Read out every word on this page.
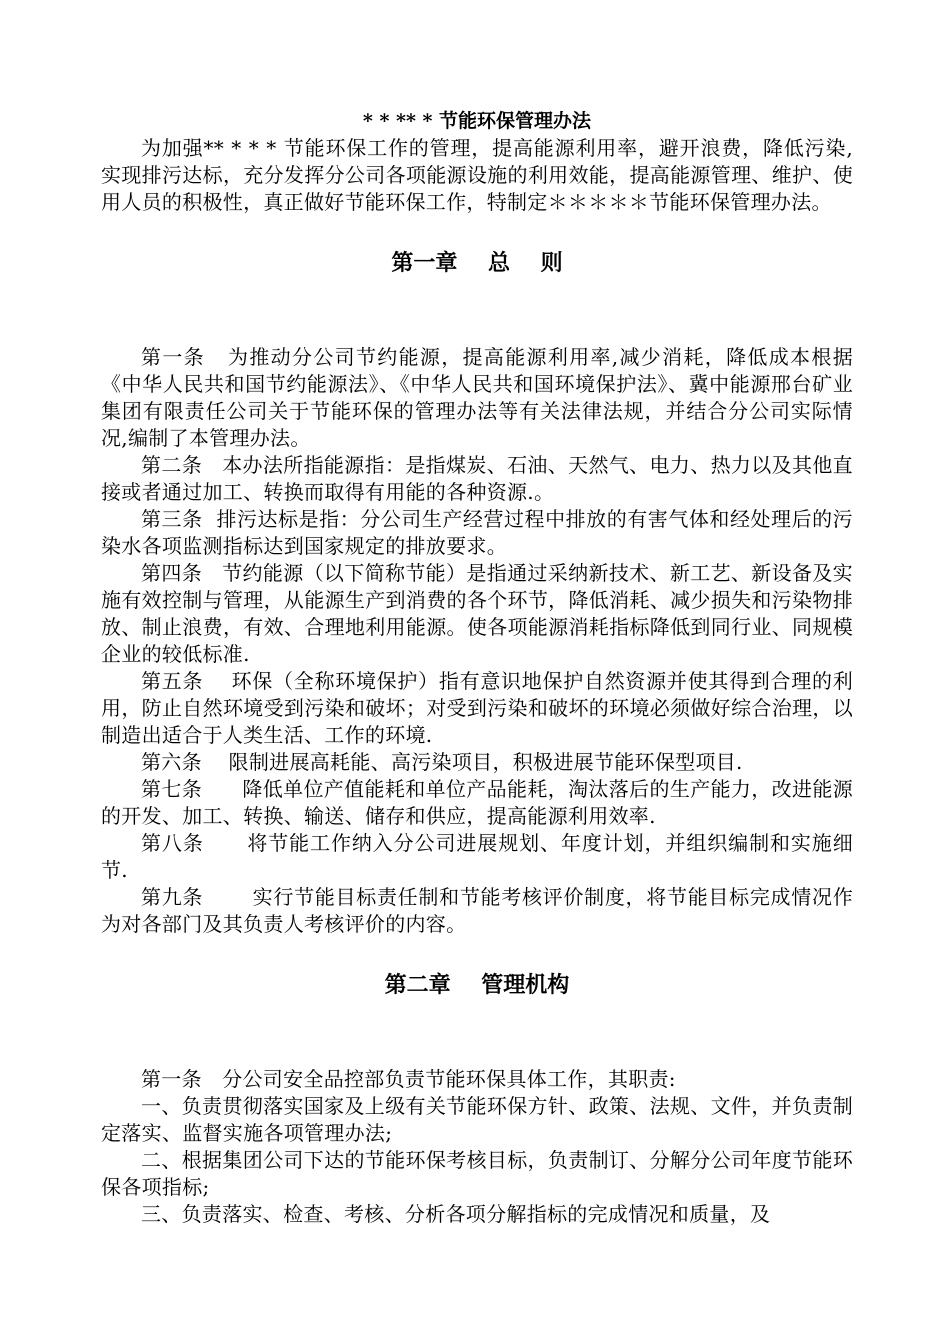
* * ** * 节能环保管理办法

为加强** * * * 节能环保工作的管理，提高能源利用率，避开浪费，降低污染,实现排污达标，充分发挥分公司各项能源设施的利用效能，提高能源管理、维护、使用人员的积极性，真正做好节能环保工作，特制定＊＊＊＊＊节能环保管理办法。

第一章    总    则

第一条 为推动分公司节约能源，提高能源利用率,减少消耗，降低成本根据《中华人民共和国节约能源法》、《中华人民共和国环境保护法》、冀中能源邢台矿业集团有限责任公司关于节能环保的管理办法等有关法律法规，并结合分公司实际情况,编制了本管理办法。

第二条 本办法所指能源指：是指煤炭、石油、天然气、电力、热力以及其他直接或者通过加工、转换而取得有用能的各种资源.。

第三条 排污达标是指：分公司生产经营过程中排放的有害气体和经处理后的污染水各项监测指标达到国家规定的排放要求。

第四条 节约能源（以下简称节能）是指通过采纳新技术、新工艺、新设备及实施有效控制与管理，从能源生产到消费的各个环节，降低消耗、减少损失和污染物排放、制止浪费，有效、合理地利用能源。使各项能源消耗指标降低到同行业、同规模企业的较低标准.

第五条 环保（全称环境保护）指有意识地保护自然资源并使其得到合理的利用，防止自然环境受到污染和破坏；对受到污染和破坏的环境必须做好综合治理，以制造出适合于人类生活、工作的环境.

第六条 限制进展高耗能、高污染项目，积极进展节能环保型项目.

第七条 降低单位产值能耗和单位产品能耗，淘汰落后的生产能力，改进能源的开发、加工、转换、输送、储存和供应，提高能源利用效率.

第八条 将节能工作纳入分公司进展规划、年度计划，并组织编制和实施细节.

第九条 实行节能目标责任制和节能考核评价制度，将节能目标完成情况作为对各部门及其负责人考核评价的内容。

第二章    管理机构

第一条　分公司安全品控部负责节能环保具体工作，其职责:

一、负责贯彻落实国家及上级有关节能环保方针、政策、法规、文件，并负责制定落实、监督实施各项管理办法;

二、根据集团公司下达的节能环保考核目标，负责制订、分解分公司年度节能环保各项指标;

三、负责落实、检查、考核、分析各项分解指标的完成情况和质量，及
